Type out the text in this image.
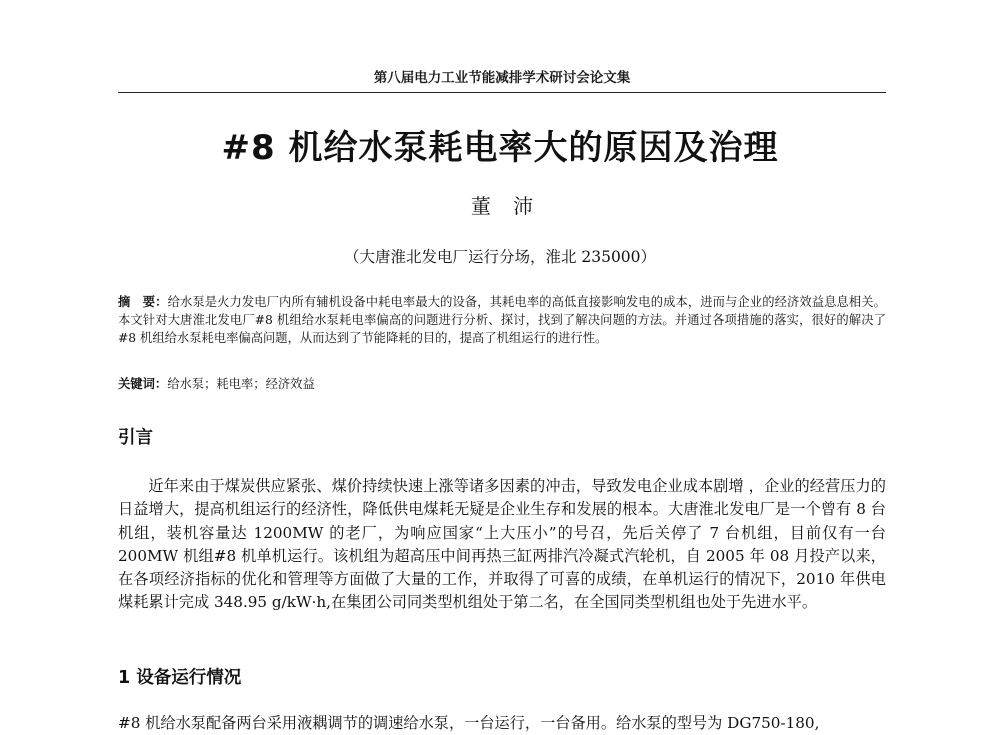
第八届电力工业节能减排学术研讨会论文集
#8 机给水泵耗电率大的原因及治理
董 沛
（大唐淮北发电厂运行分场，淮北 235000）
摘　要：给水泵是火力发电厂内所有辅机设备中耗电率最大的设备，其耗电率的高低直接影响发电的成本，进而与企业的经济效益息息相关。本文针对大唐淮北发电厂#8 机组给水泵耗电率偏高的问题进行分析、探讨，找到了解决问题的方法。并通过各项措施的落实，很好的解决了#8 机组给水泵耗电率偏高问题，从而达到了节能降耗的目的，提高了机组运行的进行性。
关键词：给水泵；耗电率；经济效益
引言
近年来由于煤炭供应紧张、煤价持续快速上涨等诸多因素的冲击，导致发电企业成本剧增 ，企业的经营压力的日益增大，提高机组运行的经济性，降低供电煤耗无疑是企业生存和发展的根本。大唐淮北发电厂是一个曾有 8 台机组，装机容量达 1200MW 的老厂，为响应国家“上大压小”的号召，先后关停了 7 台机组，目前仅有一台 200MW 机组#8 机单机运行。该机组为超高压中间再热三缸两排汽冷凝式汽轮机，自 2005 年 08 月投产以来，在各项经济指标的优化和管理等方面做了大量的工作，并取得了可喜的成绩，在单机运行的情况下，2010 年供电煤耗累计完成 348.95 g/kW·h,在集团公司同类型机组处于第二名，在全国同类型机组也处于先进水平。
1 设备运行情况
#8 机给水泵配备两台采用液耦调节的调速给水泵，一台运行，一台备用。给水泵的型号为 DG750-180,
